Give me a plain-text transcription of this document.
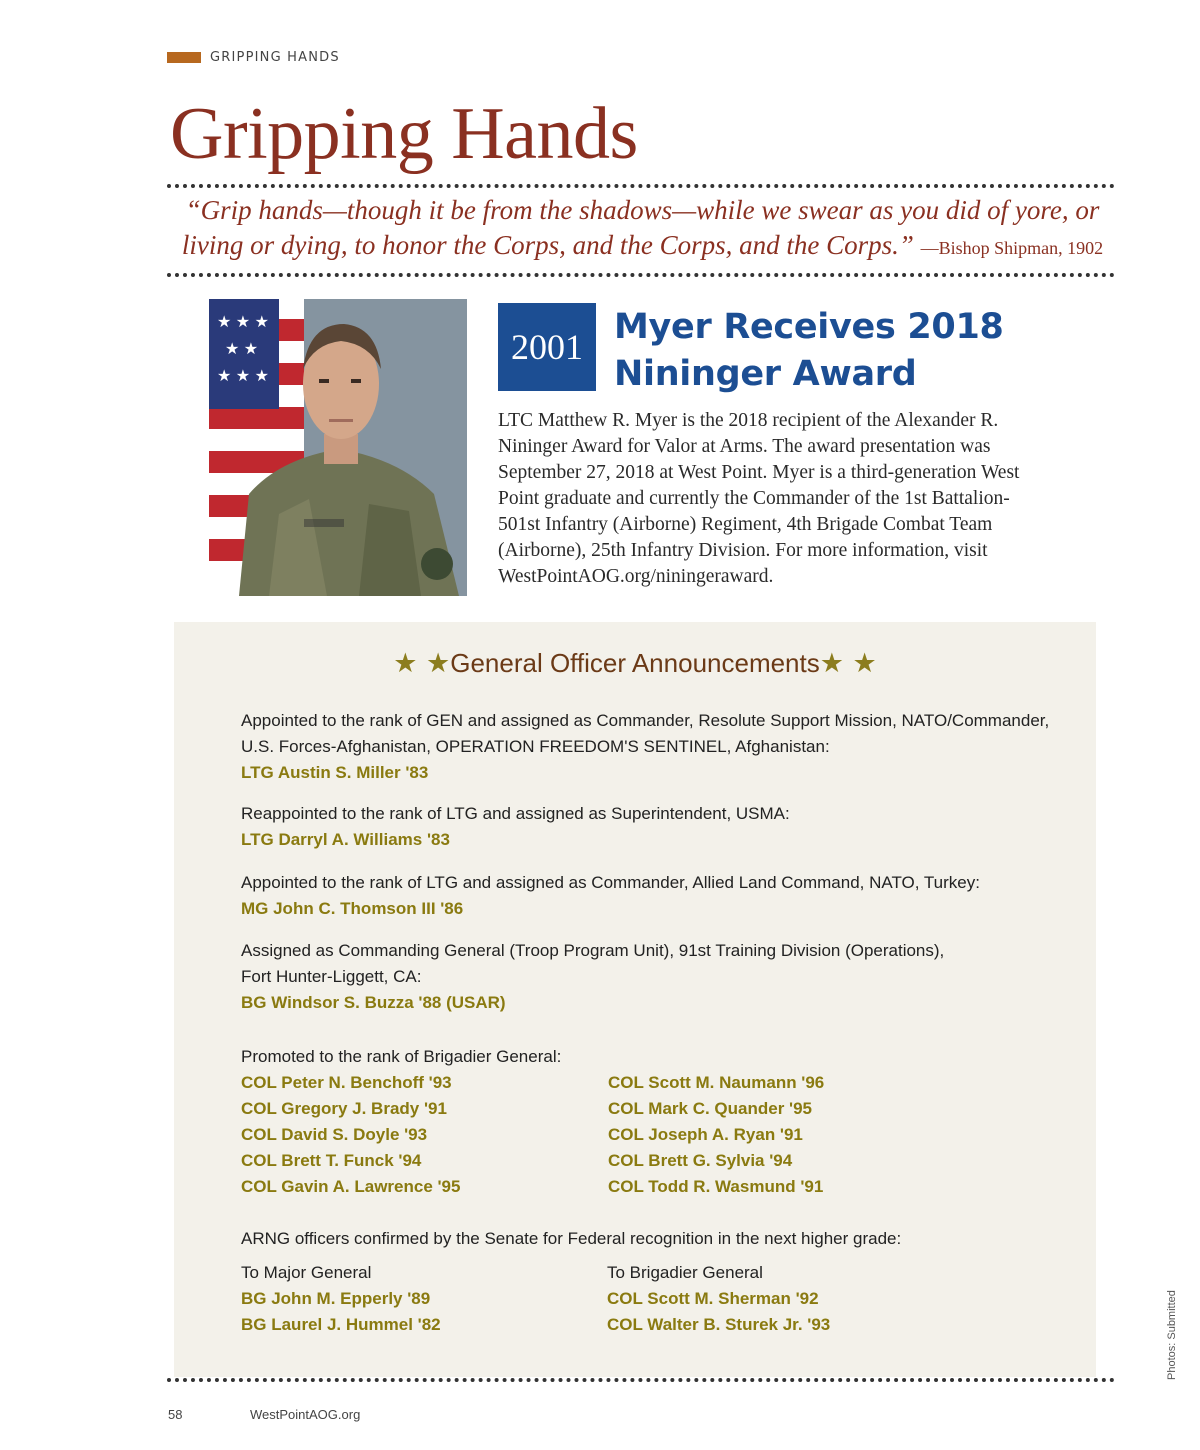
GRIPPING HANDS
Gripping Hands
“Grip hands—though it be from the shadows—while we swear as you did of yore, or living or dying, to honor the Corps, and the Corps, and the Corps.” —Bishop Shipman, 1902
★ ★ ★
★ ★
★ ★ ★
2001 Myer Receives 2018
Nininger Award
LTC Matthew R. Myer is the 2018 recipient of the Alexander R. Nininger Award for Valor at Arms. The award presentation was September 27, 2018 at West Point. Myer is a third-generation West Point graduate and currently the Commander of the 1st Battalion-501st Infantry (Airborne) Regiment, 4th Brigade Combat Team (Airborne), 25th Infantry Division. For more information, visit WestPointAOG.org/niningeraward.
★ ★General Officer Announcements★ ★
Appointed to the rank of GEN and assigned as Commander, Resolute Support Mission, NATO/Commander, U.S. Forces-Afghanistan, OPERATION FREEDOM'S SENTINEL, Afghanistan:
LTG Austin S. Miller '83
Reappointed to the rank of LTG and assigned as Superintendent, USMA:
LTG Darryl A. Williams '83
Appointed to the rank of LTG and assigned as Commander, Allied Land Command, NATO, Turkey:
MG John C. Thomson III '86
Assigned as Commanding General (Troop Program Unit), 91st Training Division (Operations), Fort Hunter-Liggett, CA:
BG Windsor S. Buzza '88 (USAR)
Promoted to the rank of Brigadier General:
COL Peter N. Benchoff '93
COL Gregory J. Brady '91
COL David S. Doyle '93
COL Brett T. Funck '94
COL Gavin A. Lawrence '95
COL Scott M. Naumann '96
COL Mark C. Quander '95
COL Joseph A. Ryan '91
COL Brett G. Sylvia '94
COL Todd R. Wasmund '91
ARNG officers confirmed by the Senate for Federal recognition in the next higher grade:
To Major General
BG John M. Epperly '89
BG Laurel J. Hummel '82
To Brigadier General
COL Scott M. Sherman '92
COL Walter B. Sturek Jr. '93
58	WestPointAOG.org
Photos: Submitted
